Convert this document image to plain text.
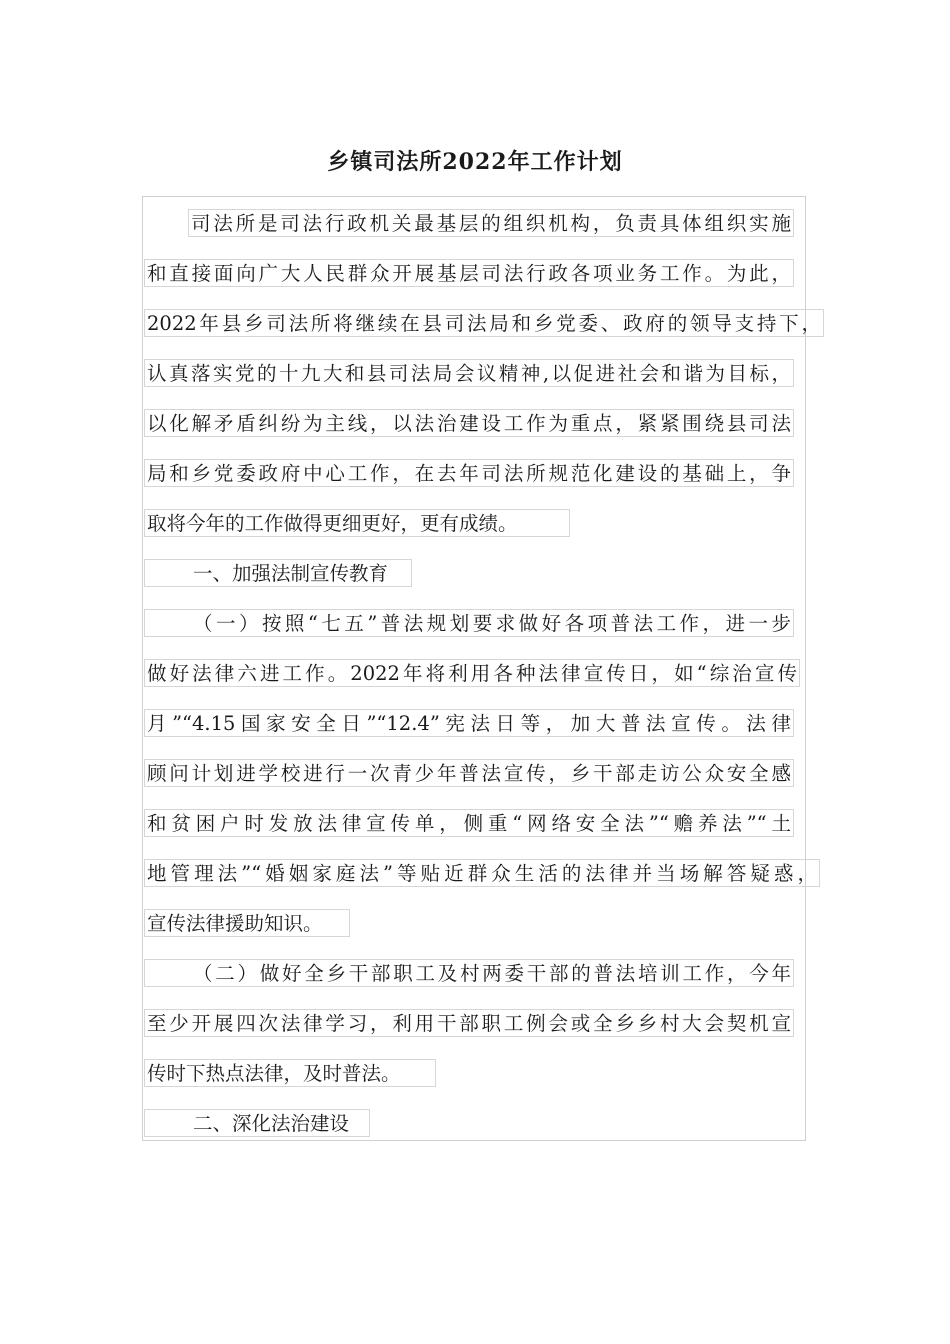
乡镇司法所2022年工作计划
司法所是司法行政机关最基层的组织机构，负责具体组织实施
和直接面向广大人民群众开展基层司法行政各项业务工作。为此，
2022年县乡司法所将继续在县司法局和乡党委、政府的领导支持下，
认真落实党的十九大和县司法局会议精神,以促进社会和谐为目标，
以化解矛盾纠纷为主线，以法治建设工作为重点，紧紧围绕县司法
局和乡党委政府中心工作，在去年司法所规范化建设的基础上，争
取将今年的工作做得更细更好，更有成绩。
一、加强法制宣传教育
（一）按照“七五”普法规划要求做好各项普法工作，进一步
做好法律六进工作。2022年将利用各种法律宣传日，如“综治宣传
月”“4.15国家安全日”“12.4”宪法日等，加大普法宣传。法律
顾问计划进学校进行一次青少年普法宣传，乡干部走访公众安全感
和贫困户时发放法律宣传单，侧重“网络安全法”“赡养法”“土
地管理法”“婚姻家庭法”等贴近群众生活的法律并当场解答疑惑，
宣传法律援助知识。
（二）做好全乡干部职工及村两委干部的普法培训工作，今年
至少开展四次法律学习，利用干部职工例会或全乡乡村大会契机宣
传时下热点法律，及时普法。
二、深化法治建设
